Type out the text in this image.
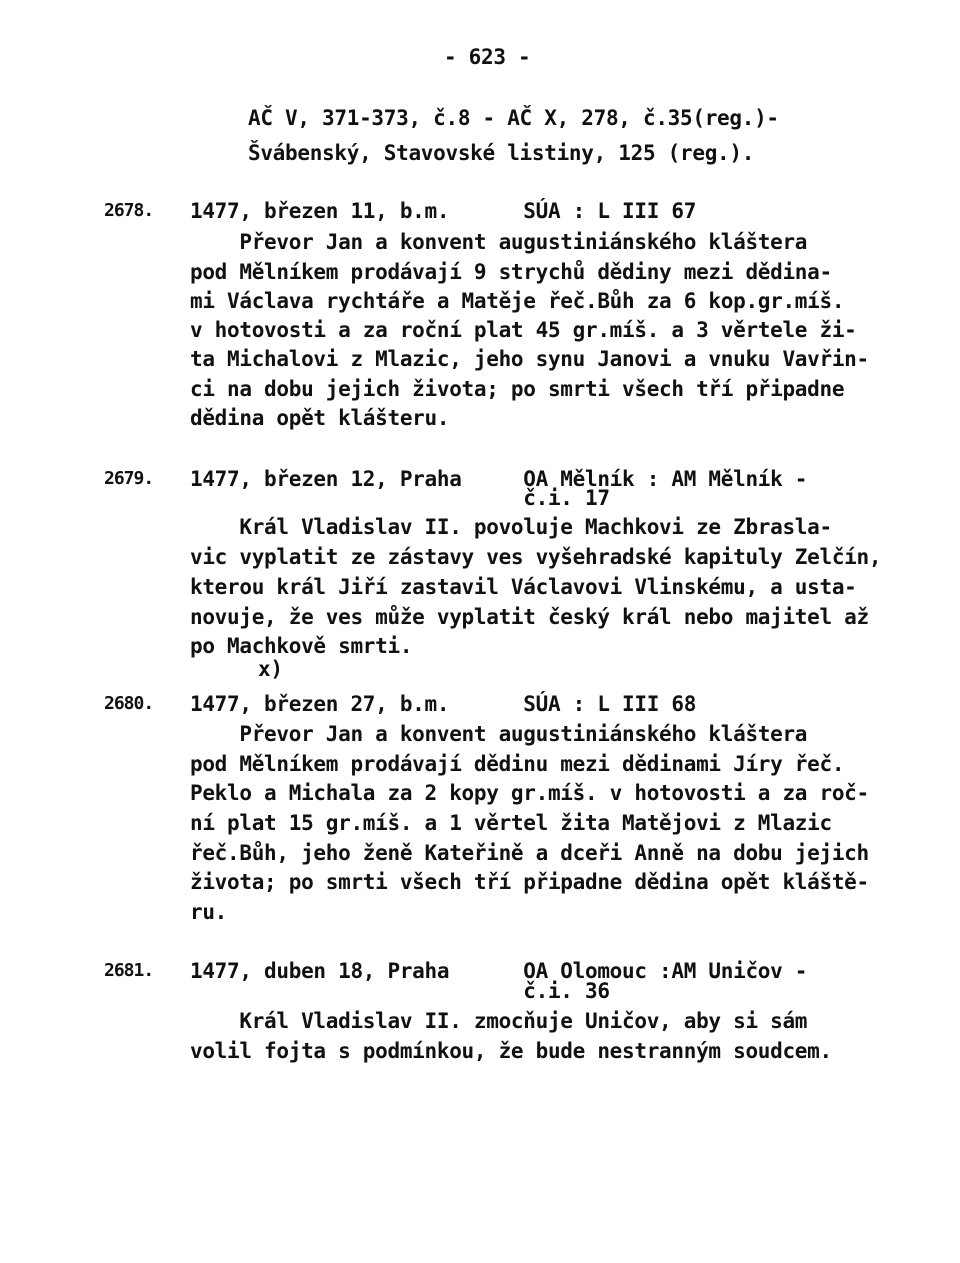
- 623 -
AČ V, 371-373, č.8 - AČ X, 278, č.35(reg.)-
Švábenský, Stavovské listiny, 125 (reg.).
2678. 1477, březen 11, b.m.      SÚA : L III 67
Převor Jan a konvent augustiniánského kláštera
pod Mělníkem prodávají 9 strychů dědiny mezi dědina-
mi Václava rychtáře a Matěje řeč.Bůh za 6 kop.gr.míš.
v hotovosti a za roční plat 45 gr.míš. a 3 věrtele ži-
ta Michalovi z Mlazic, jeho synu Janovi a vnuku Vavřin-
ci na dobu jejich života; po smrti všech tří připadne
dědina opět klášteru.
2679. 1477, březen 12, Praha     OA Mělník : AM Mělník -
č.i. 17
Král Vladislav II. povoluje Machkovi ze Zbrasla-
vic vyplatit ze zástavy ves vyšehradské kapituly Zelčín,
kterou král Jiří zastavil Václavovi Vlinskému, a usta-
novuje, že ves může vyplatit český král nebo majitel až
po Machkově smrti.
x)
2680. 1477, březen 27, b.m.      SÚA : L III 68
Převor Jan a konvent augustiniánského kláštera
pod Mělníkem prodávají dědinu mezi dědinami Jíry řeč.
Peklo a Michala za 2 kopy gr.míš. v hotovosti a za roč-
ní plat 15 gr.míš. a 1 věrtel žita Matějovi z Mlazic
řeč.Bůh, jeho ženě Kateřině a dceři Anně na dobu jejich
života; po smrti všech tří připadne dědina opět kláště-
ru.
2681. 1477, duben 18, Praha      OA Olomouc :AM Uničov -
č.i. 36
Král Vladislav II. zmocňuje Uničov, aby si sám
volil fojta s podmínkou, že bude nestranným soudcem.
